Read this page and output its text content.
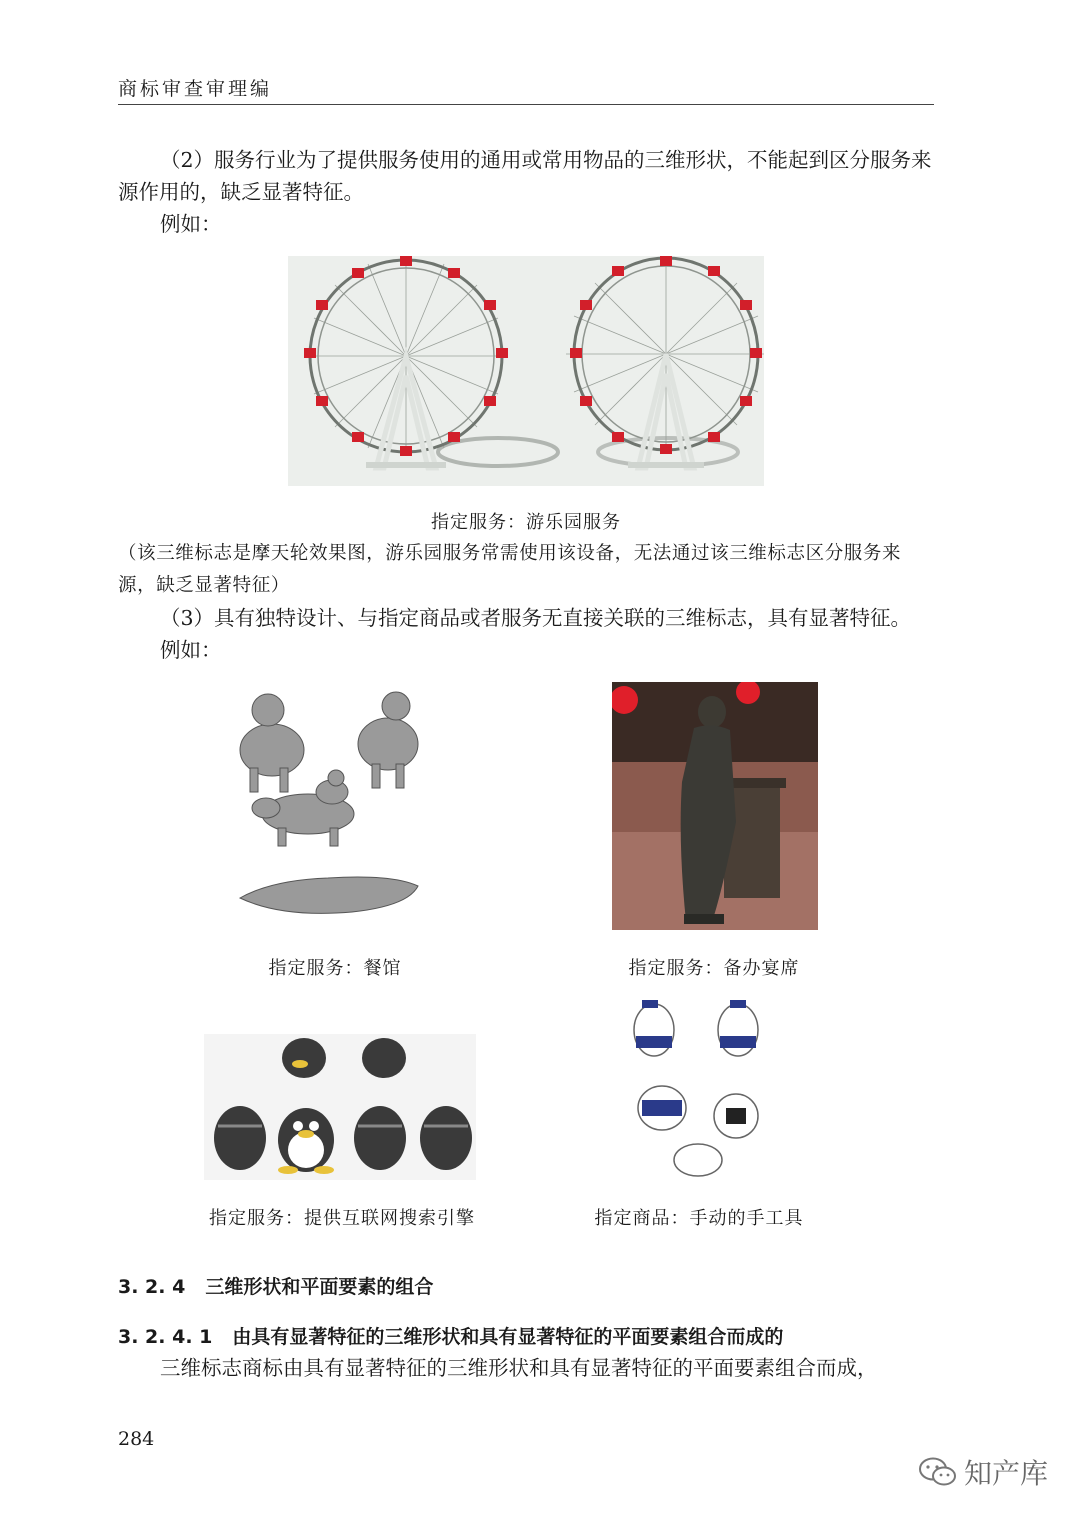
商标审查审理编
（2）服务行业为了提供服务使用的通用或常用物品的三维形状，不能起到区分服务来源作用的，缺乏显著特征。
例如：
指定服务：游乐园服务
（该三维标志是摩天轮效果图，游乐园服务常需使用该设备，无法通过该三维标志区分服务来源，缺乏显著特征）
（3）具有独特设计、与指定商品或者服务无直接关联的三维标志，具有显著特征。
例如：
指定服务：餐馆	指定服务：备办宴席
指定服务：提供互联网搜索引擎	指定商品：手动的手工具
3. 2. 4 三维形状和平面要素的组合
3. 2. 4. 1 由具有显著特征的三维形状和具有显著特征的平面要素组合而成的
三维标志商标由具有显著特征的三维形状和具有显著特征的平面要素组合而成，
284
知产库
